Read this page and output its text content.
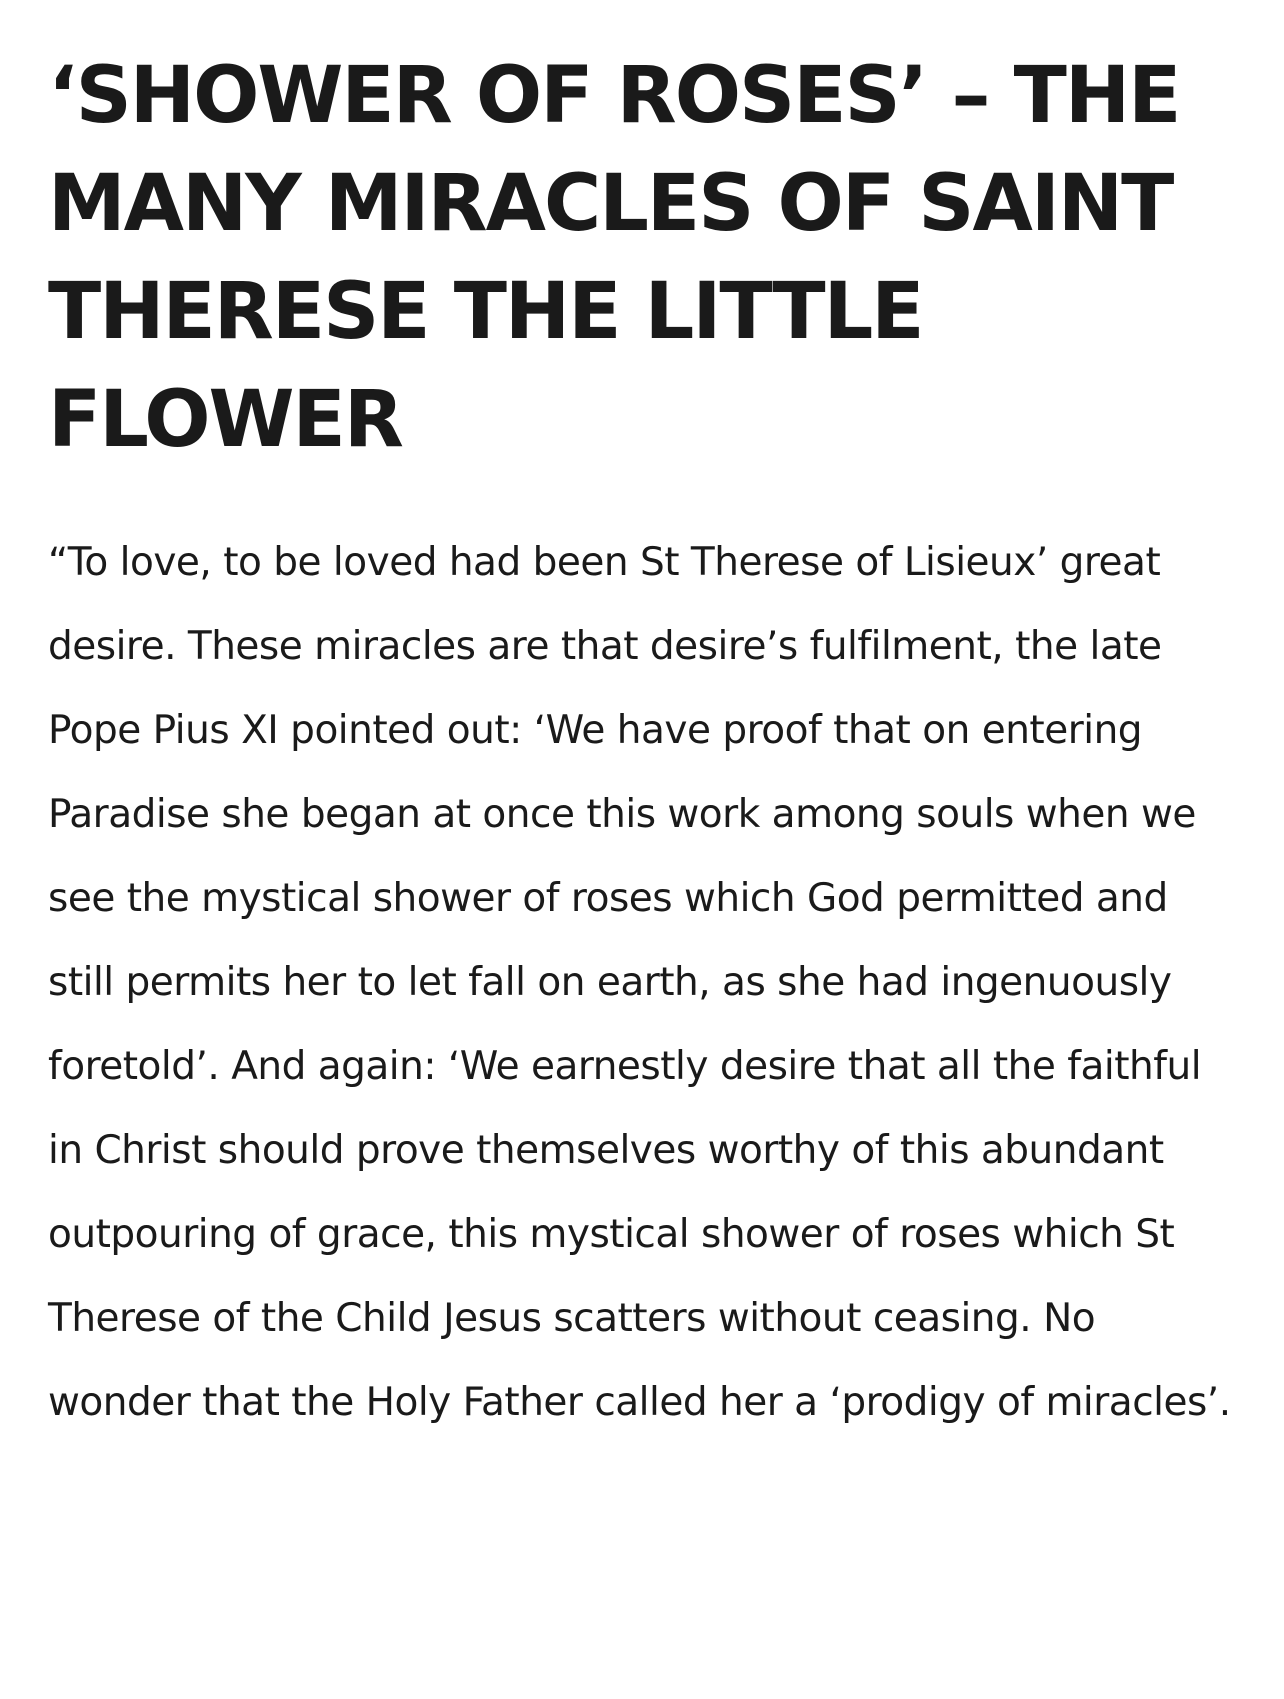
‘SHOWER OF ROSES’ – THE MANY MIRACLES OF SAINT THERESE THE LITTLE FLOWER

“To love, to be loved had been St Therese of Lisieux’ great desire. These miracles are that desire’s fulfilment, the late Pope Pius XI pointed out: ‘We have proof that on entering Paradise she began at once this work among souls when we see the mystical shower of roses which God permitted and still permits her to let fall on earth, as she had ingenuously foretold’. And again: ‘We earnestly desire that all the faithful in Christ should prove themselves worthy of this abundant outpouring of grace, this mystical shower of roses which St Therese of the Child Jesus scatters without ceasing. No wonder that the Holy Father called her a ‘prodigy of miracles’.
